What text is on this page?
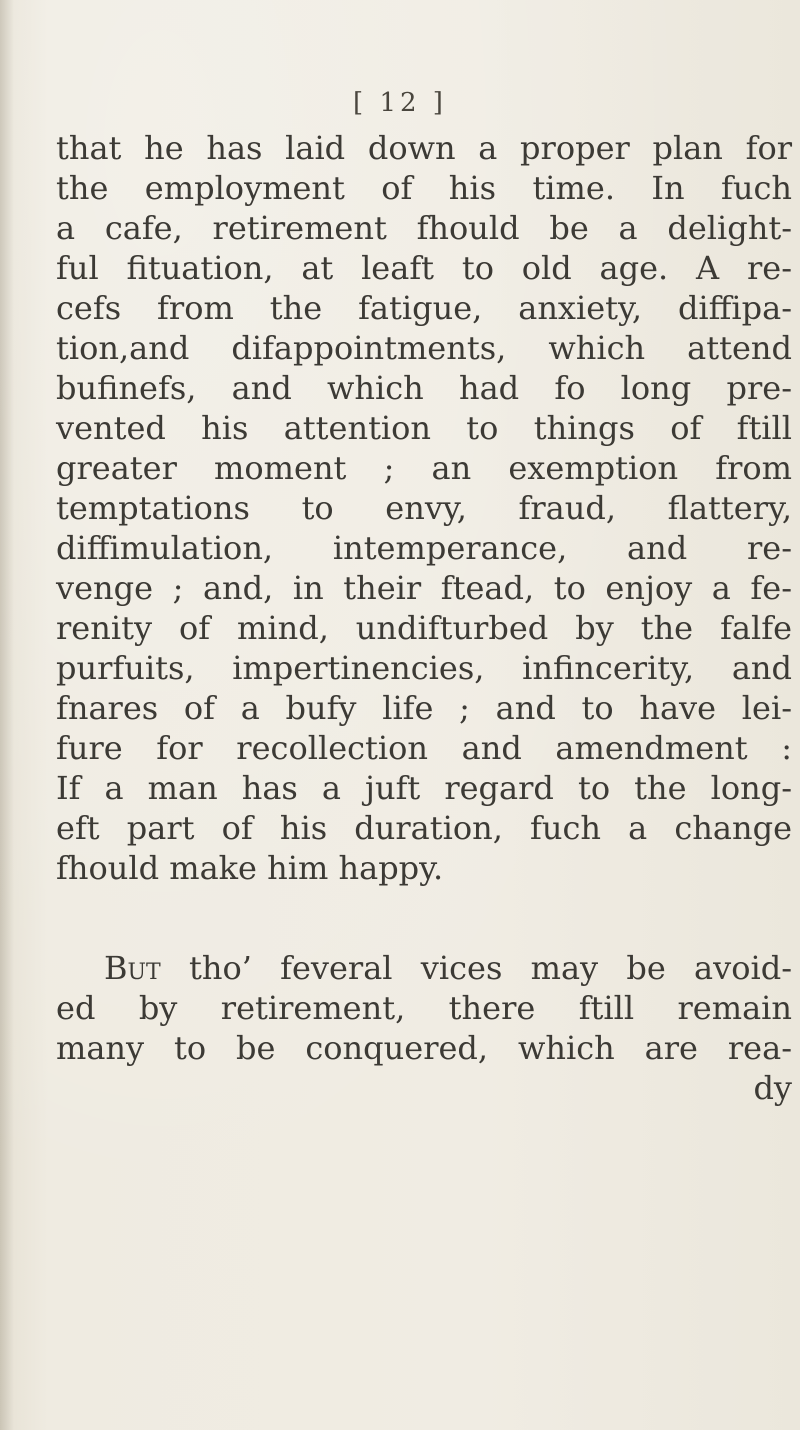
[ 12 ]
that he has laid down a proper plan for
the employment of his time. In fuch
a cafe, retirement fhould be a delight-
ful fituation, at leaft to old age. A re-
cefs from the fatigue, anxiety, diffipa-
tion,and difappointments, which attend
bufinefs, and which had fo long pre-
vented his attention to things of ftill
greater moment ; an exemption from
temptations to envy, fraud, flattery,
diffimulation, intemperance, and re-
venge ; and, in their ftead, to enjoy a fe-
renity of mind, undifturbed by the falfe
purfuits, impertinencies, infincerity, and
fnares of a bufy life ; and to have lei-
fure for recollection and amendment :
If a man has a juft regard to the long-
eft part of his duration, fuch a change
fhould make him happy.
But tho’ feveral vices may be avoid-
ed by retirement, there ftill remain
many to be conquered, which are rea-
dy
